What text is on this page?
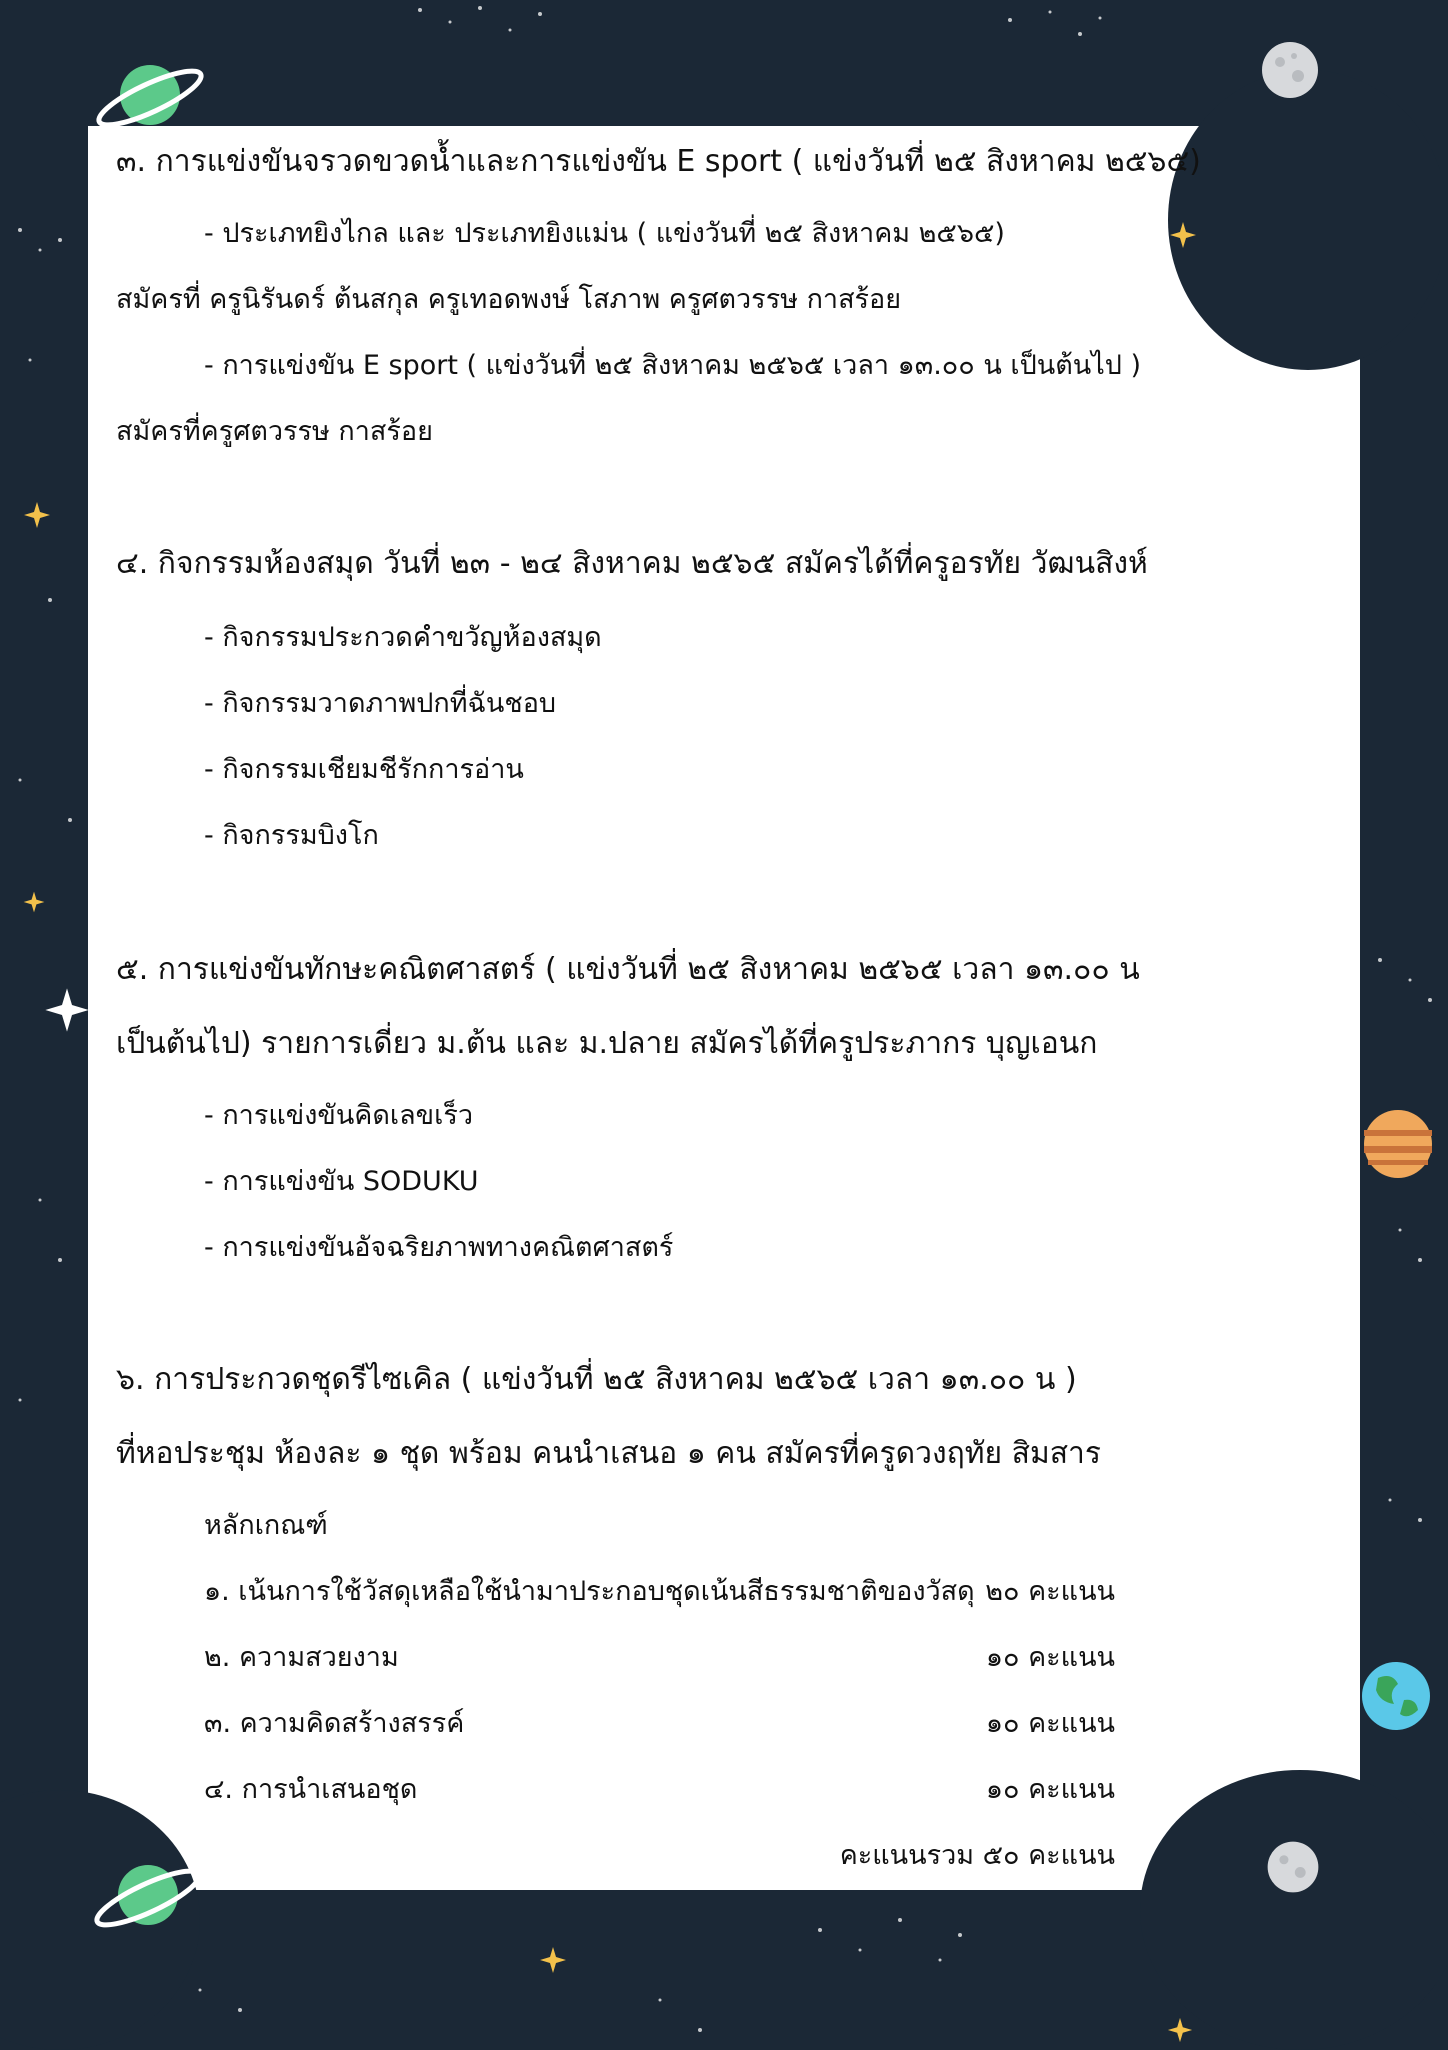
๓. การแข่งขันจรวดขวดน้ำและการแข่งขัน E sport ( แข่งวันที่ ๒๕ สิงหาคม ๒๕๖๕)

- ประเภทยิงไกล และ ประเภทยิงแม่น ( แข่งวันที่ ๒๕ สิงหาคม ๒๕๖๕)

สมัครที่ ครูนิรันดร์ ต้นสกุล ครูเทอดพงษ์ โสภาพ ครูศตวรรษ กาสร้อย

- การแข่งขัน E sport ( แข่งวันที่ ๒๕ สิงหาคม ๒๕๖๕ เวลา ๑๓.๐๐ น เป็นต้นไป )

สมัครที่ครูศตวรรษ กาสร้อย

๔. กิจกรรมห้องสมุด วันที่ ๒๓ - ๒๔ สิงหาคม ๒๕๖๕ สมัครได้ที่ครูอรทัย วัฒนสิงห์

- กิจกรรมประกวดคำขวัญห้องสมุด

- กิจกรรมวาดภาพปกที่ฉันชอบ

- กิจกรรมเชียมชีรักการอ่าน

- กิจกรรมบิงโก

๕. การแข่งขันทักษะคณิตศาสตร์ ( แข่งวันที่ ๒๕ สิงหาคม ๒๕๖๕ เวลา ๑๓.๐๐ น

เป็นต้นไป) รายการเดี่ยว ม.ต้น และ ม.ปลาย สมัครได้ที่ครูประภากร บุญเอนก

- การแข่งขันคิดเลขเร็ว

- การแข่งขัน SODUKU

- การแข่งขันอัจฉริยภาพทางคณิตศาสตร์

๖. การประกวดชุดรีไซเคิล ( แข่งวันที่ ๒๕ สิงหาคม ๒๕๖๕ เวลา ๑๓.๐๐ น )

ที่หอประชุม ห้องละ ๑ ชุด พร้อม คนนำเสนอ ๑ คน สมัครที่ครูดวงฤทัย สิมสาร

หลักเกณฑ์

๑. เน้นการใช้วัสดุเหลือใช้นำมาประกอบชุดเน้นสีธรรมชาติของวัสดุ ๒๐ คะแนน

๒. ความสวยงาม	๑๐ คะแนน

๓. ความคิดสร้างสรรค์	๑๐ คะแนน

๔. การนำเสนอชุด	๑๐ คะแนน

คะแนนรวม ๕๐ คะแนน
